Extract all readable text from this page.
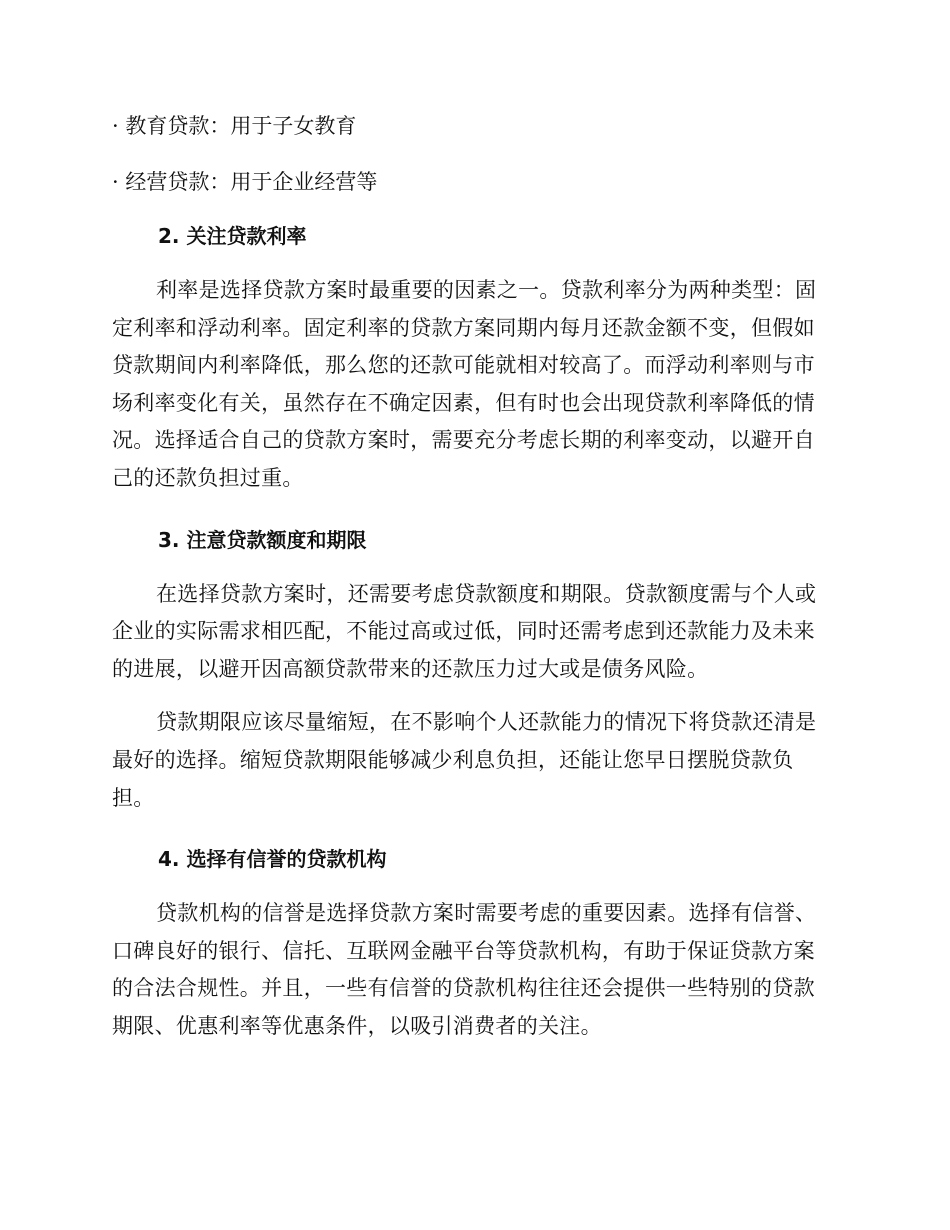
· 教育贷款：用于子女教育

· 经营贷款：用于企业经营等

2. 关注贷款利率

利率是选择贷款方案时最重要的因素之一。贷款利率分为两种类型：固
定利率和浮动利率。固定利率的贷款方案同期内每月还款金额不变，但假如
贷款期间内利率降低，那么您的还款可能就相对较高了。而浮动利率则与市
场利率变化有关，虽然存在不确定因素，但有时也会出现贷款利率降低的情
况。选择适合自己的贷款方案时，需要充分考虑长期的利率变动，以避开自
己的还款负担过重。

3. 注意贷款额度和期限

在选择贷款方案时，还需要考虑贷款额度和期限。贷款额度需与个人或
企业的实际需求相匹配，不能过高或过低，同时还需考虑到还款能力及未来
的进展，以避开因高额贷款带来的还款压力过大或是债务风险。

贷款期限应该尽量缩短，在不影响个人还款能力的情况下将贷款还清是
最好的选择。缩短贷款期限能够减少利息负担，还能让您早日摆脱贷款负
担。

4. 选择有信誉的贷款机构

贷款机构的信誉是选择贷款方案时需要考虑的重要因素。选择有信誉、
口碑良好的银行、信托、互联网金融平台等贷款机构，有助于保证贷款方案
的合法合规性。并且，一些有信誉的贷款机构往往还会提供一些特别的贷款
期限、优惠利率等优惠条件，以吸引消费者的关注。
